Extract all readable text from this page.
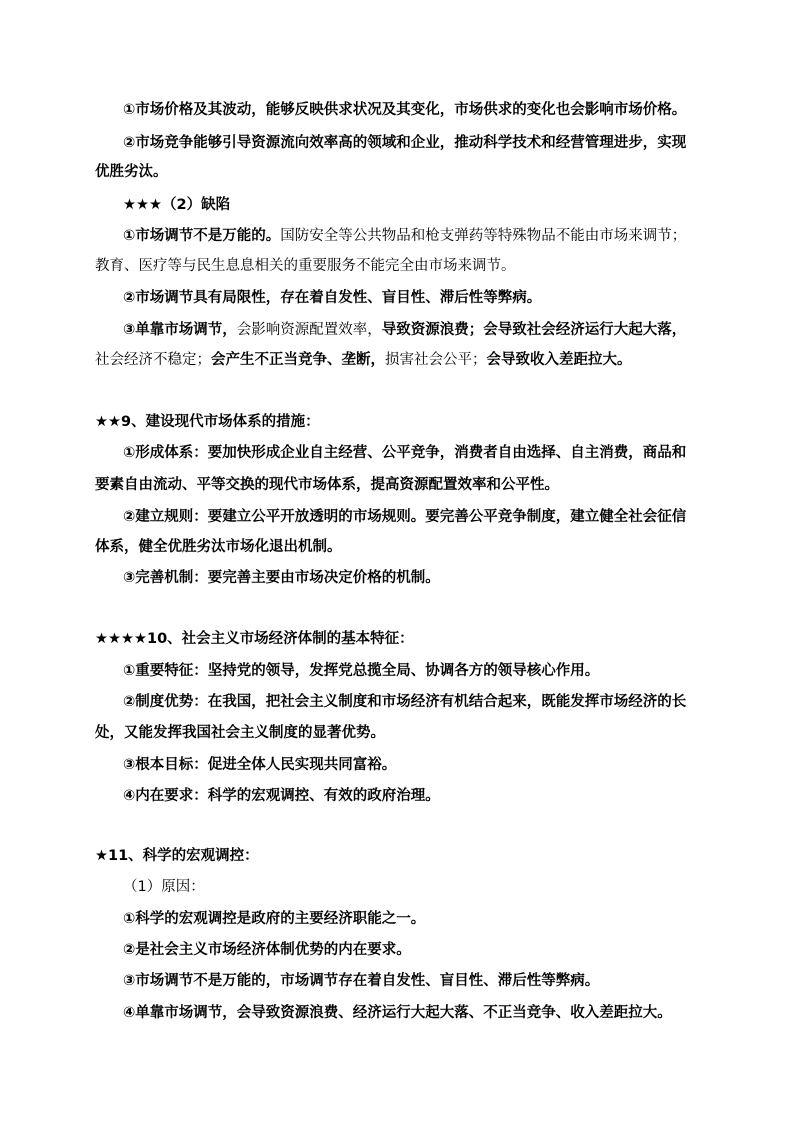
①市场价格及其波动，能够反映供求状况及其变化，市场供求的变化也会影响市场价格。
②市场竞争能够引导资源流向效率高的领域和企业，推动科学技术和经营管理进步，实现
优胜劣汰。
★★★（2）缺陷
①市场调节不是万能的。国防安全等公共物品和枪支弹药等特殊物品不能由市场来调节；
教育、医疗等与民生息息相关的重要服务不能完全由市场来调节。
②市场调节具有局限性，存在着自发性、盲目性、滞后性等弊病。
③单靠市场调节，会影响资源配置效率，导致资源浪费；会导致社会经济运行大起大落，
社会经济不稳定；会产生不正当竞争、垄断，损害社会公平；会导致收入差距拉大。
★★9、建设现代市场体系的措施：
①形成体系：要加快形成企业自主经营、公平竞争，消费者自由选择、自主消费，商品和
要素自由流动、平等交换的现代市场体系，提高资源配置效率和公平性。
②建立规则：要建立公平开放透明的市场规则。要完善公平竞争制度，建立健全社会征信
体系，健全优胜劣汰市场化退出机制。
③完善机制：要完善主要由市场决定价格的机制。
★★★★10、社会主义市场经济体制的基本特征：
①重要特征：坚持党的领导，发挥党总揽全局、协调各方的领导核心作用。
②制度优势：在我国，把社会主义制度和市场经济有机结合起来，既能发挥市场经济的长
处，又能发挥我国社会主义制度的显著优势。
③根本目标：促进全体人民实现共同富裕。
④内在要求：科学的宏观调控、有效的政府治理。
★11、科学的宏观调控：
（1）原因：
①科学的宏观调控是政府的主要经济职能之一。
②是社会主义市场经济体制优势的内在要求。
③市场调节不是万能的，市场调节存在着自发性、盲目性、滞后性等弊病。
④单靠市场调节，会导致资源浪费、经济运行大起大落、不正当竞争、收入差距拉大。
